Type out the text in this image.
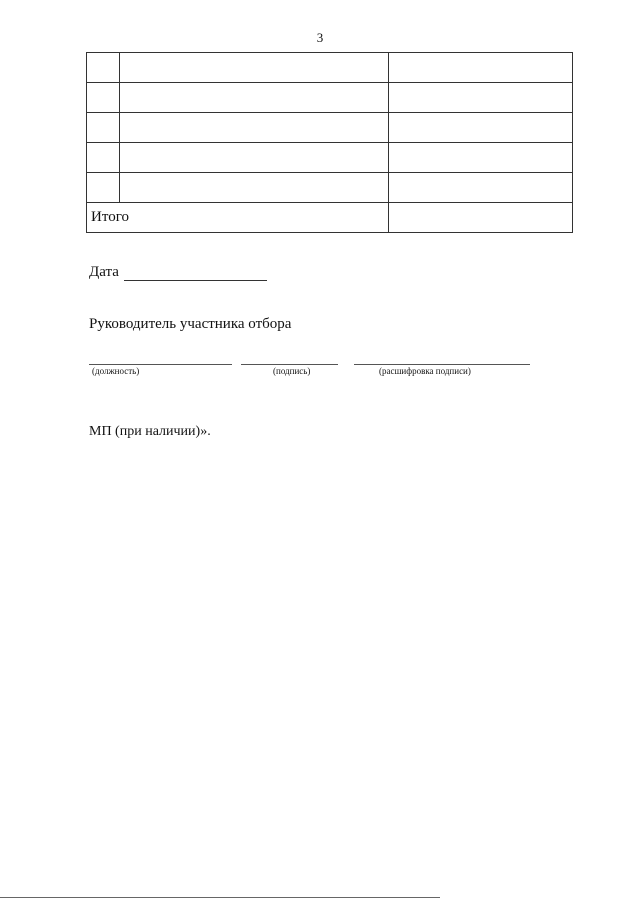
3

Итого		
Дата
Руководитель участника отбора
(должность)	(подпись)	(расшифровка подписи)
МП (при наличии)».
